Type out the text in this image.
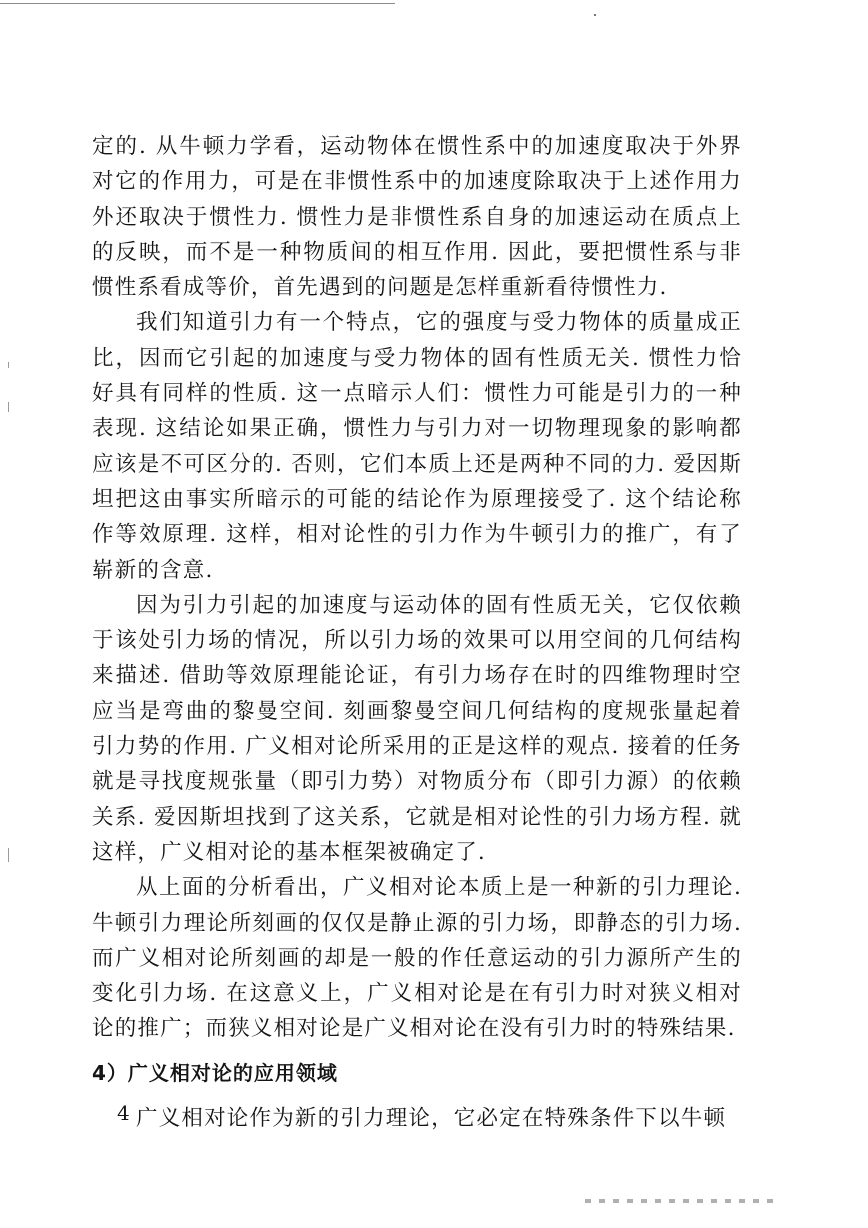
定的. 从牛顿力学看，运动物体在惯性系中的加速度取决于外界对它的作用力，可是在非惯性系中的加速度除取决于上述作用力外还取决于惯性力. 惯性力是非惯性系自身的加速运动在质点上的反映，而不是一种物质间的相互作用. 因此，要把惯性系与非惯性系看成等价，首先遇到的问题是怎样重新看待惯性力.

我们知道引力有一个特点，它的强度与受力物体的质量成正比，因而它引起的加速度与受力物体的固有性质无关. 惯性力恰好具有同样的性质. 这一点暗示人们：惯性力可能是引力的一种表现. 这结论如果正确，惯性力与引力对一切物理现象的影响都应该是不可区分的. 否则，它们本质上还是两种不同的力. 爱因斯坦把这由事实所暗示的可能的结论作为原理接受了. 这个结论称作等效原理. 这样，相对论性的引力作为牛顿引力的推广，有了崭新的含意.

因为引力引起的加速度与运动体的固有性质无关，它仅依赖于该处引力场的情况，所以引力场的效果可以用空间的几何结构来描述. 借助等效原理能论证，有引力场存在时的四维物理时空应当是弯曲的黎曼空间. 刻画黎曼空间几何结构的度规张量起着引力势的作用. 广义相对论所采用的正是这样的观点. 接着的任务就是寻找度规张量（即引力势）对物质分布（即引力源）的依赖关系. 爱因斯坦找到了这关系，它就是相对论性的引力场方程. 就这样，广义相对论的基本框架被确定了.

从上面的分析看出，广义相对论本质上是一种新的引力理论. 牛顿引力理论所刻画的仅仅是静止源的引力场，即静态的引力场. 而广义相对论所刻画的却是一般的作任意运动的引力源所产生的变化引力场. 在这意义上，广义相对论是在有引力时对狭义相对论的推广；而狭义相对论是广义相对论在没有引力时的特殊结果.

4）广义相对论的应用领域

广义相对论作为新的引力理论，它必定在特殊条件下以牛顿

4
